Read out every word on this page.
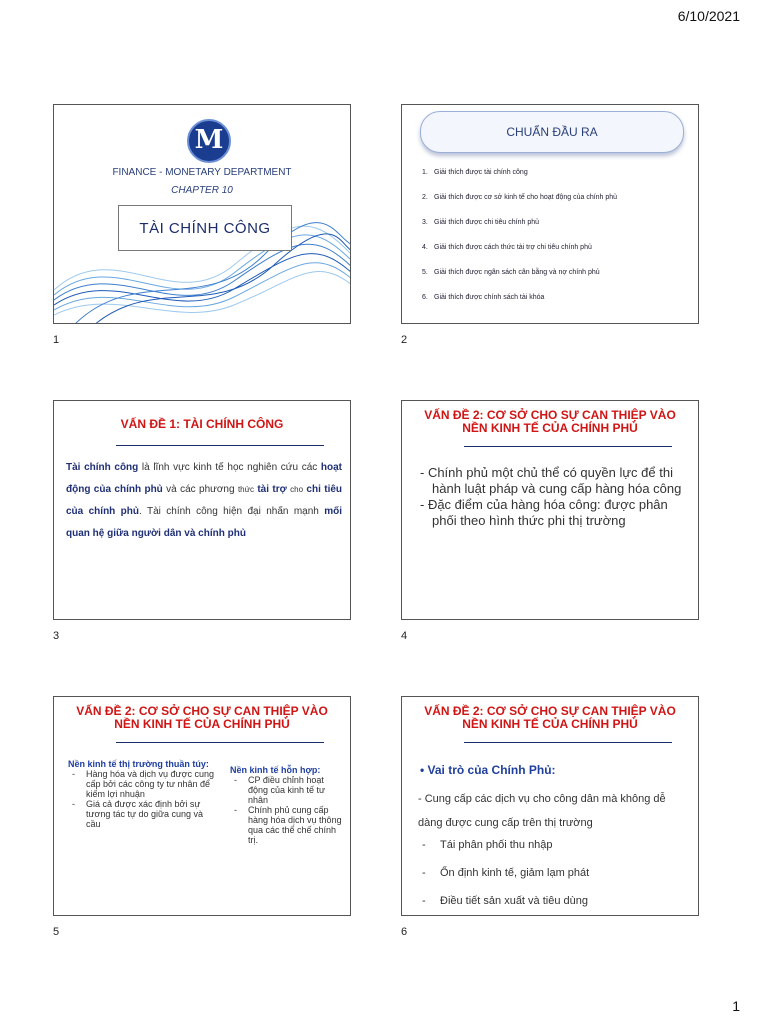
6/10/2021
M
FINANCE - MONETARY DEPARTMENT
CHAPTER 10
TÀI CHÍNH CÔNG
1
CHUẨN ĐẦU RA
1. Giải thích được tài chính công
2. Giải thích được cơ sở kinh tế cho hoạt động của chính phủ
3. Giải thích được chi tiêu chính phủ
4. Giải thích được cách thức tài trợ chi tiêu chính phủ
5. Giải thích được ngân sách cân bằng và nợ chính phủ
6. Giải thích được chính sách tài khóa
2
VẤN ĐỀ 1: TÀI CHÍNH CÔNG
Tài chính công là lĩnh vực kinh tế học nghiên cứu các hoạt động của chính phủ và các phương thức tài trợ cho chi tiêu của chính phủ. Tài chính công hiện đại nhấn mạnh mối quan hệ giữa người dân và chính phủ
3
VẤN ĐỀ 2: CƠ SỞ CHO SỰ CAN THIỆP VÀO
NỀN KINH TẾ CỦA CHÍNH PHỦ

- Chính phủ một chủ thể có quyền lực để thi hành luật pháp và cung cấp hàng hóa công

- Đặc điểm của hàng hóa công: được phân phối theo hình thức phi thị trường

4
VẤN ĐỀ 2: CƠ SỞ CHO SỰ CAN THIỆP VÀO
NỀN KINH TẾ CỦA CHÍNH PHỦ
Nền kinh tế thị trường thuần túy:
- Hàng hóa và dịch vụ được cung cấp bởi các công ty tư nhân để kiếm lợi nhuận
- Giá cả được xác định bởi sự tương tác tự do giữa cung và cầu
Nền kinh tế hỗn hợp:
- CP điều chỉnh hoạt động của kinh tế tư nhân
- Chính phủ cung cấp hàng hóa dịch vụ thông qua các thể chế chính trị.
5
VẤN ĐỀ 2: CƠ SỞ CHO SỰ CAN THIỆP VÀO
NỀN KINH TẾ CỦA CHÍNH PHỦ
• Vai trò của Chính Phủ:
- Cung cấp các dịch vụ cho công dân mà không dễ dàng được cung cấp trên thị trường
- Tái phân phối thu nhập
- Ổn định kinh tế, giảm lạm phát
- Điều tiết sản xuất và tiêu dùng
6
1
